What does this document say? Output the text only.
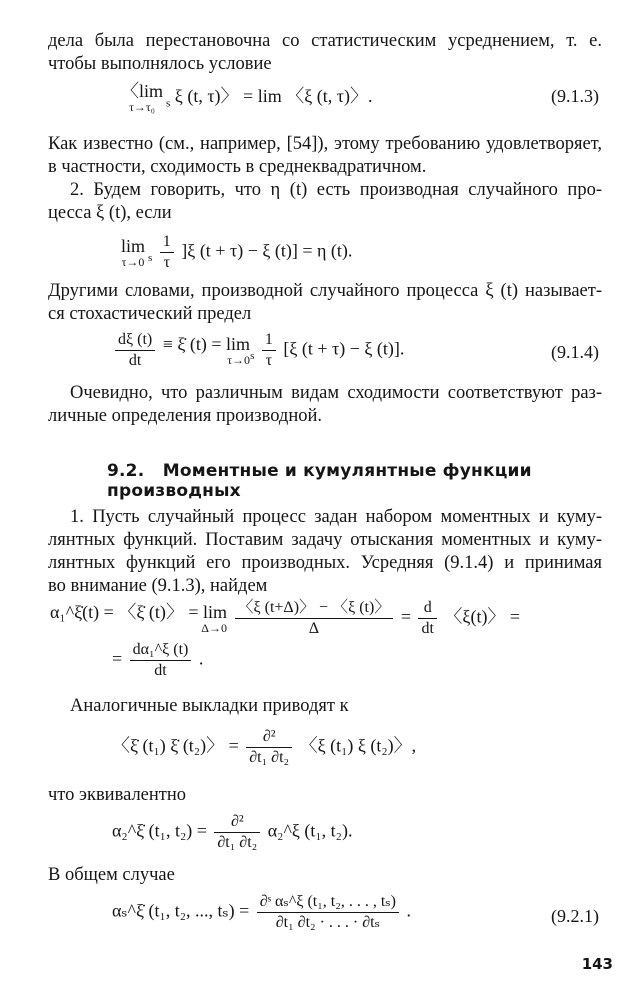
дела была перестановочна со статистическим усреднением, т. е.
чтобы выполнялось условие
〈lim
τ→τ₀	$_s$ ξ (t, τ)〉 = lim 〈ξ (t, τ)〉.	(9.1.3)
Как известно (см., например, [54]), этому требованию удовлетворяет,
в частности, сходимость в среднеквадратичном.
2. Будем говорить, что η (t) есть производная случайного про-
цесса ξ (t), если
lim
τ→0 $_s \frac{1}{\tau} ]\xi$ (t + τ) − ξ (t)] = η (t).
Другими словами, производной случайного процесса ξ (t) называет-
ся стохастический предел
$\frac{d\xi (t)}{dt}$
≡ ξ̇ (t) = lim
τ→0 $_s \frac{1}{\tau} [\xi$ (t + τ) − ξ (t)].	(9.1.4)
Очевидно, что различным видам сходимости соответствуют раз-
личные определения производной.
9.2. Моментные и кумулянтные функции производных
1. Пусть случайный процесс задан набором моментных и куму-
лянтных функций. Поставим задачу отыскания моментных и куму-
лянтных функций его производных. Усредняя (9.1.4) и принимая
во внимание (9.1.3), найдем
α₁^ξ̇(t) = 〈ξ̇ (t)〉 = lim
Δ→0
$\frac{〈\xi (t+\Delta)〉 - 〈\xi (t)〉}{\Delta} = \frac{d}{dt}$ 〈ξ(t)〉 =
= $\frac{\text{dα₁\textasciicircum{}ξ (t)}}{dt}$ .
Аналогичные выкладки приводят к
〈ξ̇ (t₁) ξ̇ (t₂)〉 = $\frac{\text{∂²}}{\text{∂t₁ ∂t₂}}$ 〈ξ (t₁) ξ (t₂)〉,
что эквивалентно
α₂^ξ̇ (t₁, $t_2) = \frac{\text{∂²}}{\text{∂t₁ ∂t₂}}$ α₂^ξ (t₁, t₂).
В общем случае
αₛ^ξ̇ (t₁, t₂, ..., $t_s) = \frac{\text{∂ˢ αₛ\textasciicircum{}ξ (t₁, t₂, . . . , tₛ)}}{\text{∂t₁ ∂t₂ · . . . · ∂tₛ}}$ .	(9.2.1)
143
